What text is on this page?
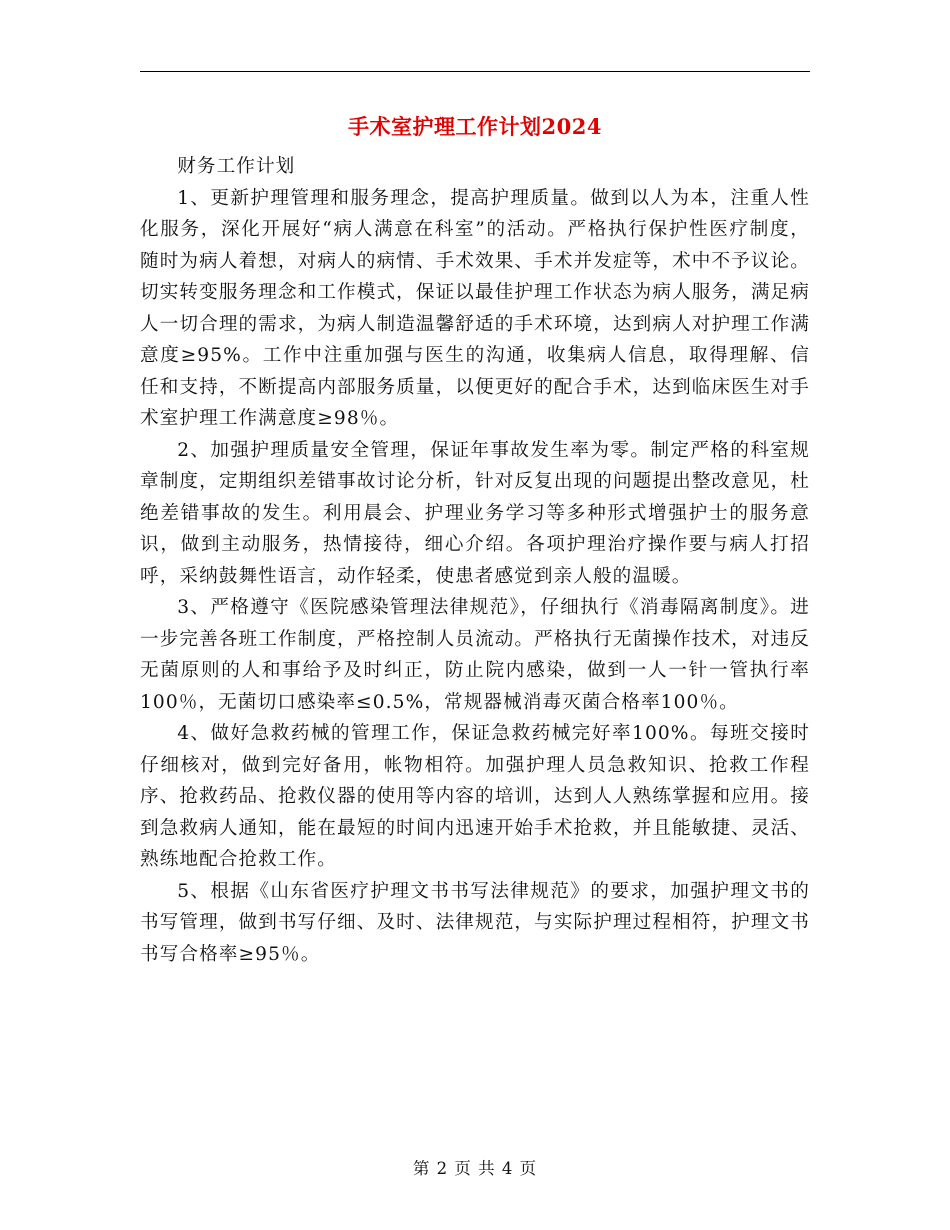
手术室护理工作计划2024

财务工作计划

1、更新护理管理和服务理念，提高护理质量。做到以人为本，注重人性化服务，深化开展好“病人满意在科室”的活动。严格执行保护性医疗制度，随时为病人着想，对病人的病情、手术效果、手术并发症等，术中不予议论。切实转变服务理念和工作模式，保证以最佳护理工作状态为病人服务，满足病人一切合理的需求，为病人制造温馨舒适的手术环境，达到病人对护理工作满意度≥95%。工作中注重加强与医生的沟通，收集病人信息，取得理解、信任和支持，不断提高内部服务质量，以便更好的配合手术，达到临床医生对手术室护理工作满意度≥98％。

2、加强护理质量安全管理，保证年事故发生率为零。制定严格的科室规章制度，定期组织差错事故讨论分析，针对反复出现的问题提出整改意见，杜绝差错事故的发生。利用晨会、护理业务学习等多种形式增强护士的服务意识，做到主动服务，热情接待，细心介绍。各项护理治疗操作要与病人打招呼，采纳鼓舞性语言，动作轻柔，使患者感觉到亲人般的温暖。

3、严格遵守《医院感染管理法律规范》，仔细执行《消毒隔离制度》。进一步完善各班工作制度，严格控制人员流动。严格执行无菌操作技术，对违反无菌原则的人和事给予及时纠正，防止院内感染，做到一人一针一管执行率100％，无菌切口感染率≤0.5%，常规器械消毒灭菌合格率100％。

4、做好急救药械的管理工作，保证急救药械完好率100%。每班交接时仔细核对，做到完好备用，帐物相符。加强护理人员急救知识、抢救工作程序、抢救药品、抢救仪器的使用等内容的培训，达到人人熟练掌握和应用。接到急救病人通知，能在最短的时间内迅速开始手术抢救，并且能敏捷、灵活、熟练地配合抢救工作。

5、根据《山东省医疗护理文书书写法律规范》的要求，加强护理文书的书写管理，做到书写仔细、及时、法律规范，与实际护理过程相符，护理文书书写合格率≥95％。

第 2 页 共 4 页
